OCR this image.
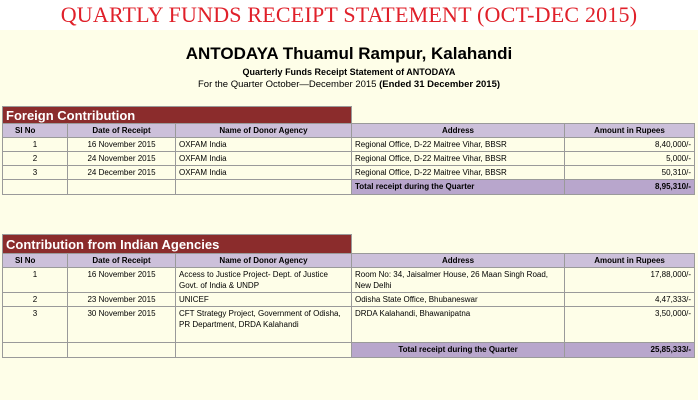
QUARTLY FUNDS RECEIPT STATEMENT (OCT-DEC 2015)
ANTODAYA Thuamul Rampur, Kalahandi
Quarterly Funds Receipt Statement of ANTODAYA
For the Quarter October—December 2015 (Ended 31 December 2015)
Foreign Contribution				
Sl No	Date of Receipt	Name of Donor Agency	Address	Amount in Rupees
1	16 November 2015	OXFAM India	Regional Office, D-22 Maitree Vihar, BBSR	8,40,000/-
2	24 November 2015	OXFAM India	Regional Office, D-22 Maitree Vihar, BBSR	5,000/-
3	24 December 2015	OXFAM India	Regional Office, D-22 Maitree Vihar, BBSR	50,310/-
			Total receipt during the Quarter	8,95,310/-
Contribution from Indian Agencies				
Sl No	Date of Receipt	Name of Donor Agency	Address	Amount in Rupees
1	16 November 2015	Access to Justice Project- Dept. of Justice Govt. of India & UNDP	Room No: 34, Jaisalmer House, 26 Maan Singh Road, New Delhi	17,88,000/-
2	23 November 2015	UNICEF	Odisha State Office, Bhubaneswar	4,47,333/-
3	30 November 2015	CFT Strategy Project, Government of Odisha, PR Department, DRDA Kalahandi	DRDA Kalahandi, Bhawanipatna	3,50,000/-
			Total receipt during the Quarter	25,85,333/-
